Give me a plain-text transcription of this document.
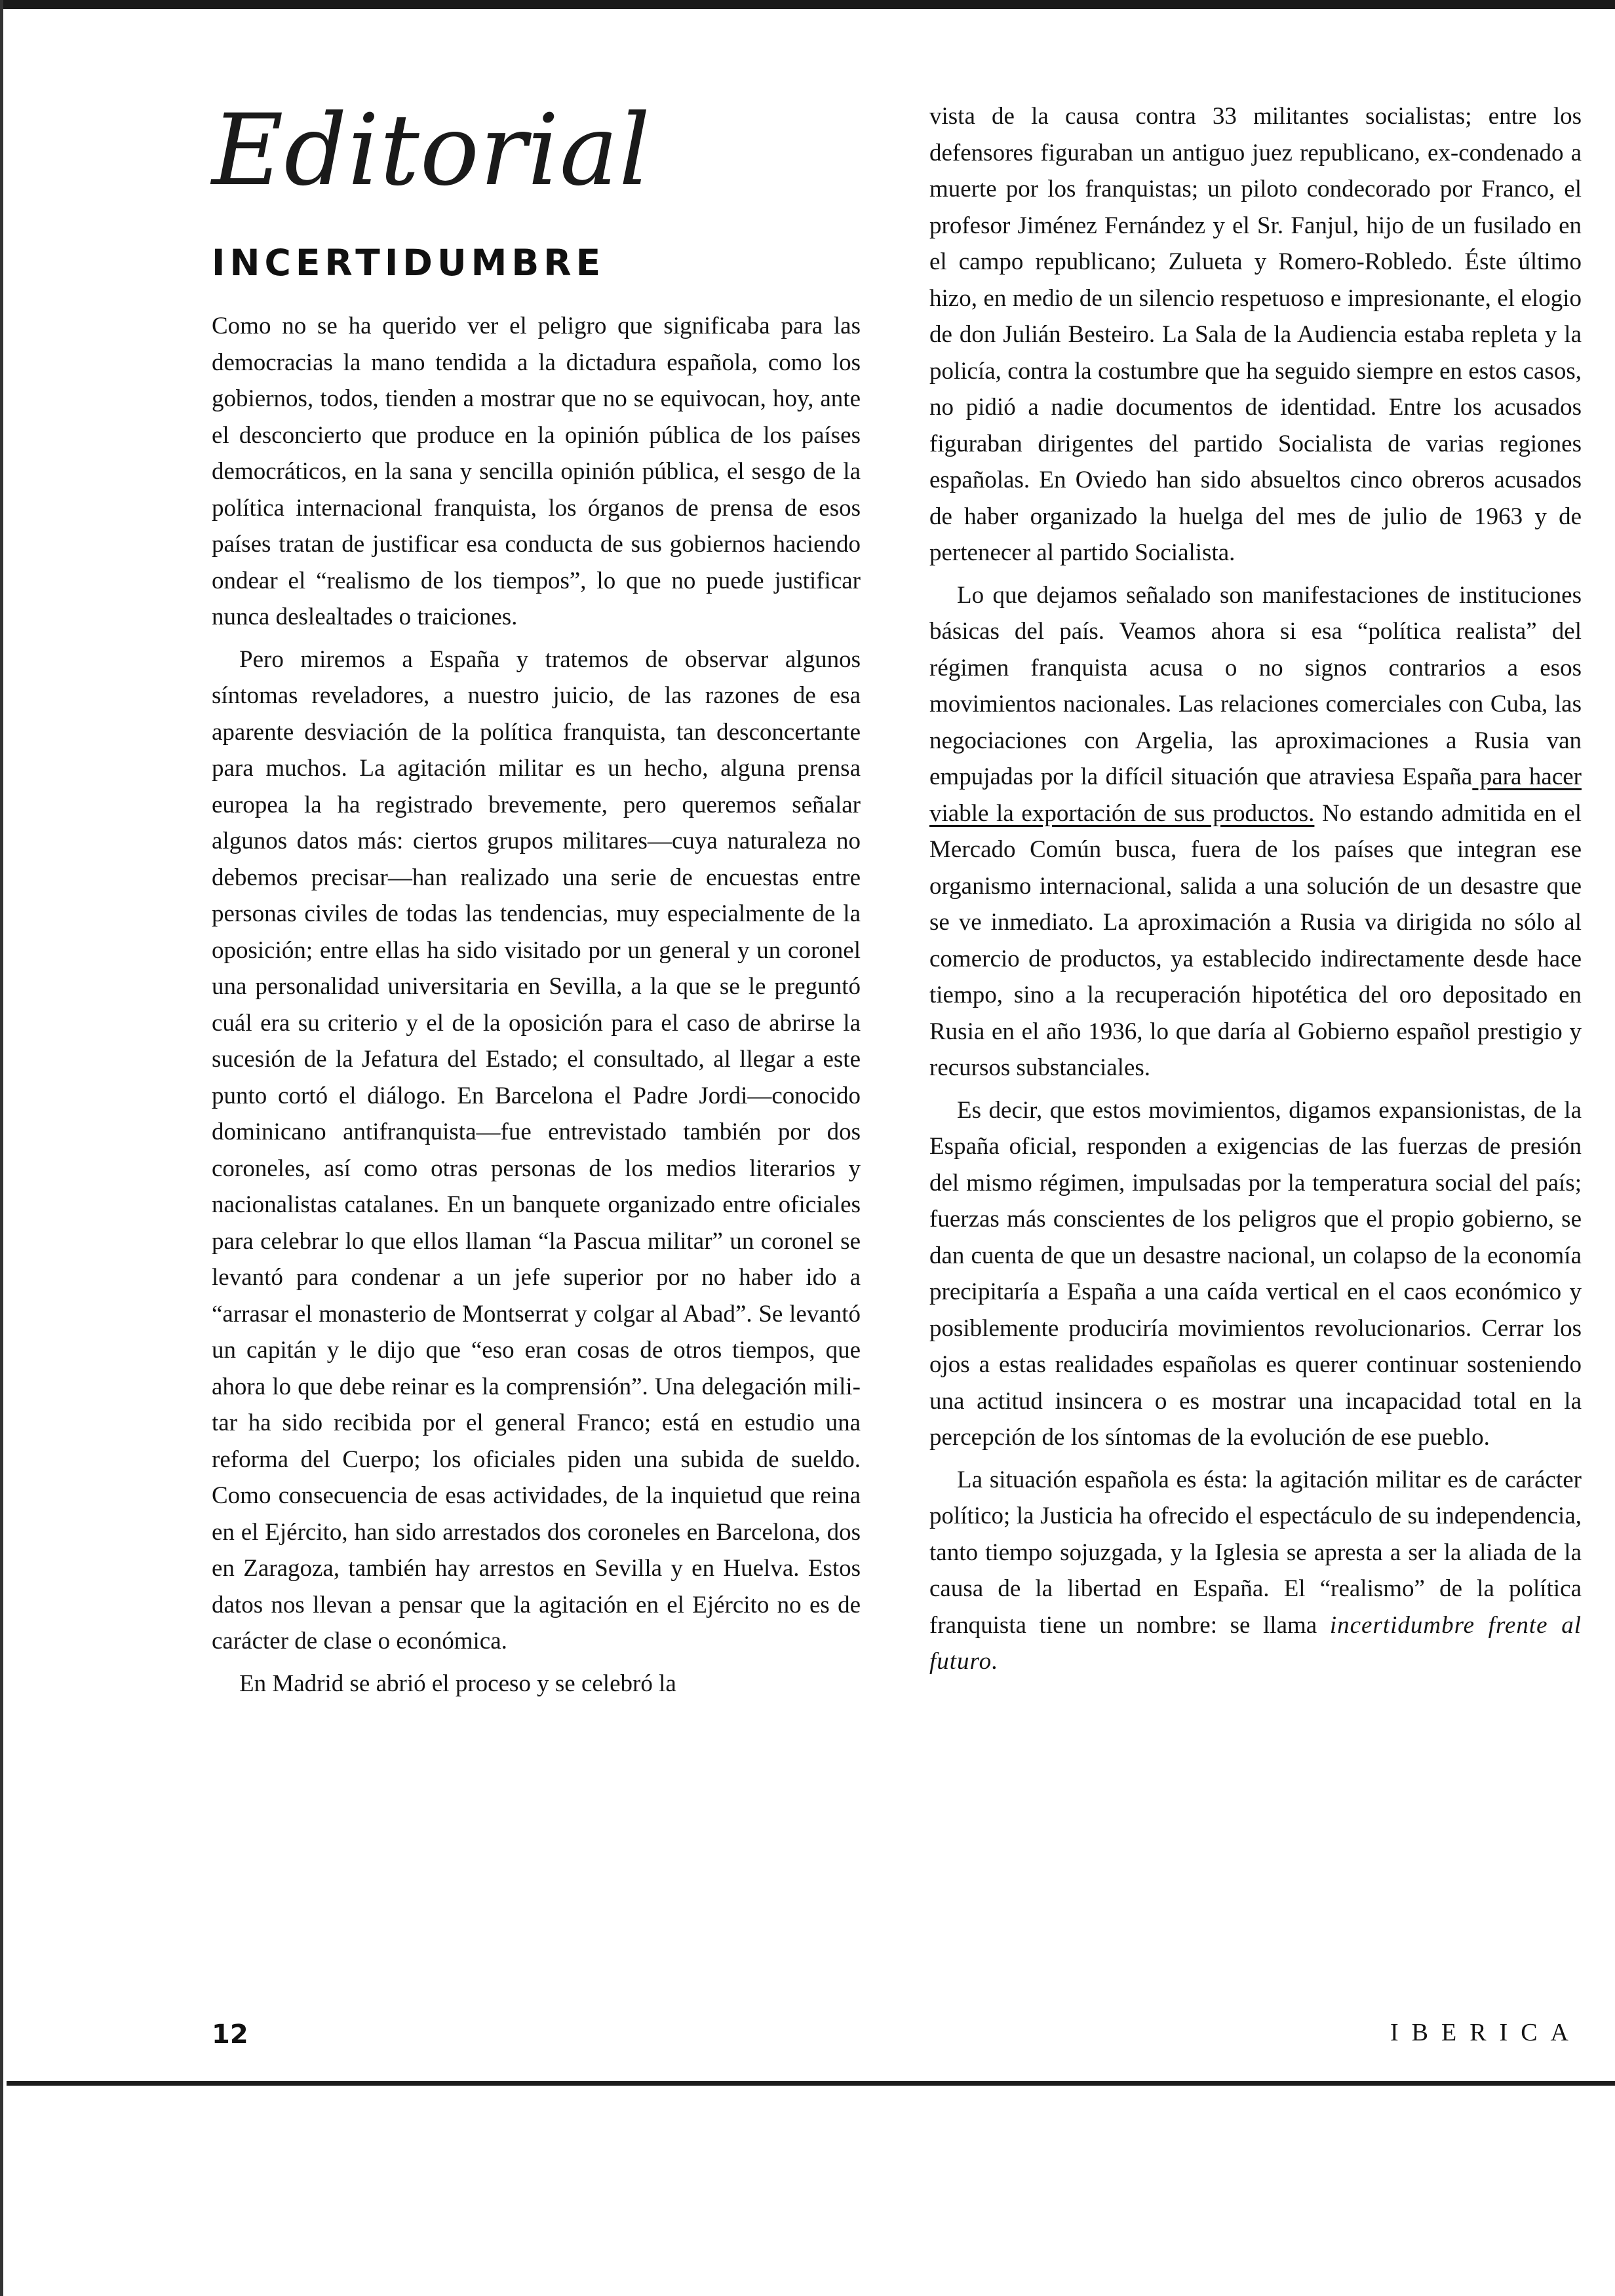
Editorial
INCERTIDUMBRE

Como no se ha querido ver el peligro que significaba para las democracias la mano tendida a la dictadura española, como los gobiernos, todos, tienden a mostrar que no se equivocan, hoy, ante el desconcierto que produce en la opinión pública de los países democráticos, en la sana y sencilla opinión pública, el sesgo de la política internacional franquista, los órganos de prensa de esos países tratan de justificar esa conducta de sus gobiernos haciendo ondear el “realismo de los tiempos”, lo que no puede justificar nunca deslealtades o traiciones.

Pero miremos a España y tratemos de observar algunos síntomas reveladores, a nuestro juicio, de las razones de esa aparente desviación de la política franquista, tan desconcertante para muchos. La agitación militar es un hecho, alguna prensa europea la ha registrado brevemente, pero queremos señalar algunos datos más: ciertos grupos militares—cuya naturaleza no debemos precisar—han realizado una serie de encuestas entre personas civiles de todas las tendencias, muy especialmente de la oposición; entre ellas ha sido visitado por un general y un coronel una personalidad universitaria en Sevilla, a la que se le preguntó cuál era su criterio y el de la oposición para el caso de abrirse la sucesión de la Jefatura del Estado; el consultado, al llegar a este punto cortó el diálogo. En Barcelona el Padre Jordi—conocido dominicano antifranquista—fue entrevistado también por dos coroneles, así como otras personas de los medios literarios y nacionalistas catalanes. En un banquete organizado entre oficiales para celebrar lo que ellos llaman “la Pascua militar” un coronel se levantó para condenar a un jefe superior por no haber ido a “arrasar el monasterio de Montserrat y colgar al Abad”. Se levantó un capitán y le dijo que “eso eran cosas de otros tiempos, que ahora lo que debe reinar es la comprensión”. Una delegación militar ha sido recibida por el general Franco; está en estudio una reforma del Cuerpo; los oficiales piden una subida de sueldo. Como consecuencia de esas actividades, de la inquietud que reina en el Ejército, han sido arrestados dos coroneles en Barcelona, dos en Zaragoza, también hay arrestos en Sevilla y en Huelva. Estos datos nos llevan a pensar que la agitación en el Ejército no es de carácter de clase o económica.

En Madrid se abrió el proceso y se celebró la

vista de la causa contra 33 militantes socialistas; entre los defensores figuraban un antiguo juez republicano, ex-condenado a muerte por los franquistas; un piloto condecorado por Franco, el profesor Jiménez Fernández y el Sr. Fanjul, hijo de un fusilado en el campo republicano; Zulueta y Romero-Robledo. Éste último hizo, en medio de un silencio respetuoso e impresionante, el elogio de don Julián Besteiro. La Sala de la Audiencia estaba repleta y la policía, contra la costumbre que ha seguido siempre en estos casos, no pidió a nadie documentos de identidad. Entre los acusados figuraban dirigentes del partido Socialista de varias regiones españolas. En Oviedo han sido absueltos cinco obreros acusados de haber organizado la huelga del mes de julio de 1963 y de pertenecer al partido Socialista.

Lo que dejamos señalado son manifestaciones de instituciones básicas del país. Veamos ahora si esa “política realista” del régimen franquista acusa o no signos contrarios a esos movimientos nacionales. Las relaciones comerciales con Cuba, las negociaciones con Argelia, las aproximaciones a Rusia van empujadas por la difícil situación que atraviesa España para hacer viable la exportación de sus productos. No estando admitida en el Mercado Común busca, fuera de los países que integran ese organismo internacional, salida a una solución de un desastre que se ve inmediato. La aproximación a Rusia va dirigida no sólo al comercio de productos, ya establecido indirectamente desde hace tiempo, sino a la recuperación hipotética del oro depositado en Rusia en el año 1936, lo que daría al Gobierno español prestigio y recursos substanciales.

Es decir, que estos movimientos, digamos expansionistas, de la España oficial, responden a exigencias de las fuerzas de presión del mismo régimen, impulsadas por la temperatura social del país; fuerzas más conscientes de los peligros que el propio gobierno, se dan cuenta de que un desastre nacional, un colapso de la economía precipitaría a España a una caída vertical en el caos económico y posiblemente produciría movimientos revolucionarios. Cerrar los ojos a estas realidades españolas es querer continuar sosteniendo una actitud insincera o es mostrar una incapacidad total en la percepción de los síntomas de la evolución de ese pueblo.

La situación española es ésta: la agitación militar es de carácter político; la Justicia ha ofrecido el espectáculo de su independencia, tanto tiempo sojuzgada, y la Iglesia se apresta a ser la aliada de la causa de la libertad en España. El “realismo” de la política franquista tiene un nombre: se llama incertidumbre frente al futuro.

12	IBERICA
